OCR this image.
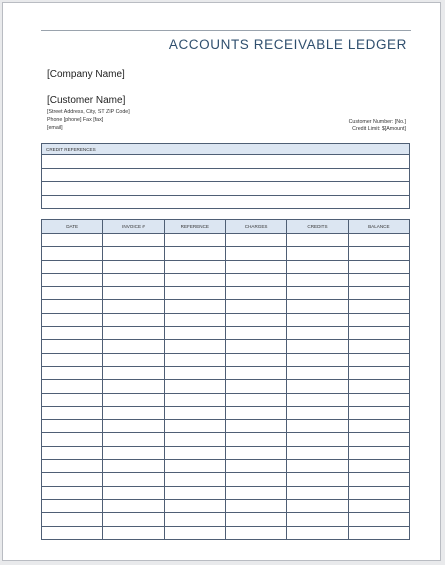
ACCOUNTS RECEIVABLE LEDGER
[Company Name]
[Customer Name]
[Street Address, City, ST ZIP Code]
Phone [phone] Fax [fax]
[email]
Customer Number: [No.]
Credit Limit: $[Amount]
CREDIT REFERENCES

DATE	INVOICE #	REFERENCE	CHARGES	CREDITS	BALANCE
